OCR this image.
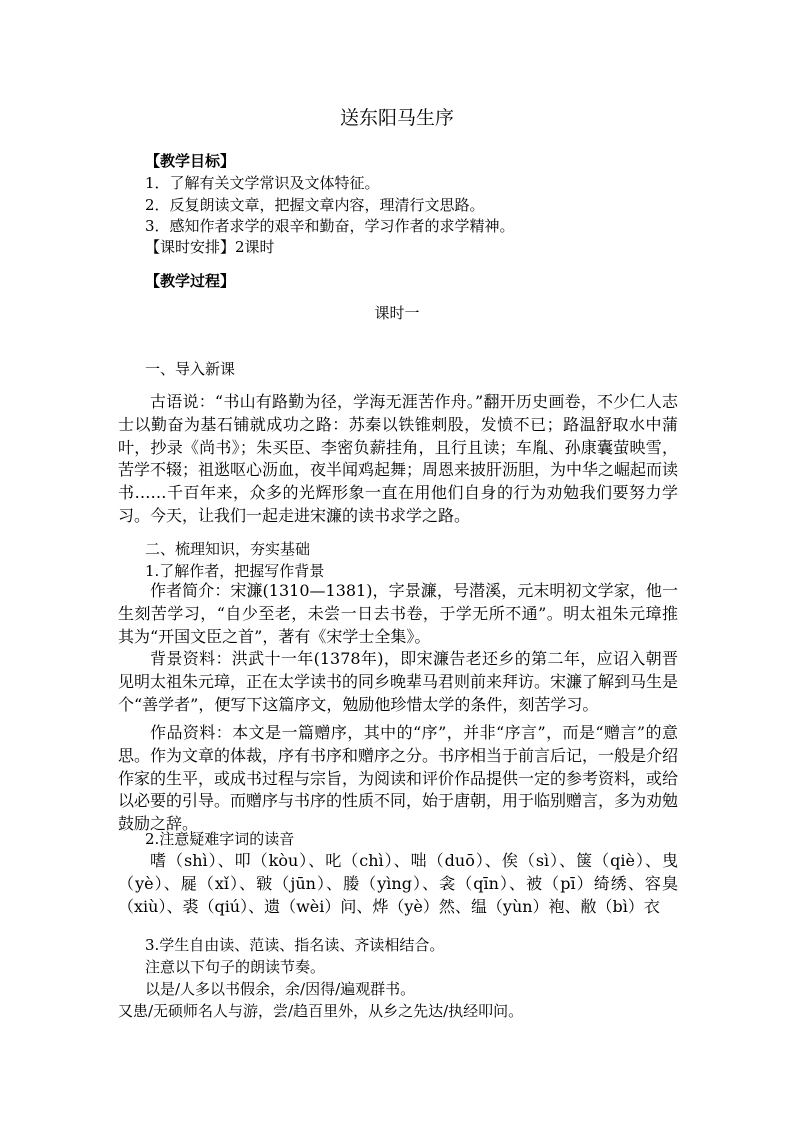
送东阳马生序
【教学目标】
1．了解有关文学常识及文体特征。
2．反复朗读文章，把握文章内容，理清行文思路。
3．感知作者求学的艰辛和勤奋，学习作者的求学精神。
【课时安排】2课时
【教学过程】
课时一
一、导入新课
古语说：“书山有路勤为径，学海无涯苦作舟。”翻开历史画卷，不少仁人志士以勤奋为基石铺就成功之路：苏秦以铁锥刺股，发愤不已；路温舒取水中蒲叶，抄录《尚书》；朱买臣、李密负薪挂角，且行且读；车胤、孙康囊萤映雪，苦学不辍；祖逖呕心沥血，夜半闻鸡起舞；周恩来披肝沥胆，为中华之崛起而读书……千百年来，众多的光辉形象一直在用他们自身的行为劝勉我们要努力学习。今天，让我们一起走进宋濂的读书求学之路。
二、梳理知识，夯实基础
1.了解作者，把握写作背景
作者简介：宋濂(1310—1381)，字景濂，号潜溪，元末明初文学家，他一生刻苦学习，“自少至老，未尝一日去书卷，于学无所不通”。明太祖朱元璋推其为“开国文臣之首”，著有《宋学士全集》。
背景资料：洪武十一年(1378年)，即宋濂告老还乡的第二年，应诏入朝晋见明太祖朱元璋，正在太学读书的同乡晚辈马君则前来拜访。宋濂了解到马生是个“善学者”，便写下这篇序文，勉励他珍惜太学的条件，刻苦学习。
作品资料：本文是一篇赠序，其中的“序”，并非“序言”，而是“赠言”的意思。作为文章的体裁，序有书序和赠序之分。书序相当于前言后记，一般是介绍作家的生平，或成书过程与宗旨，为阅读和评价作品提供一定的参考资料，或给以必要的引导。而赠序与书序的性质不同，始于唐朝，用于临别赠言，多为劝勉鼓励之辞。
2.注意疑难字词的读音
嗜（shì）、叩（kòu）、叱（chì）、咄（duō）、俟（sì）、箧（qiè）、曳（yè）、屣（xǐ）、皲（jūn）、媵（yìng）、衾（qīn）、被（pī）绮绣、容臭（xiù）、裘（qiú）、遗（wèi）问、烨（yè）然、缊（yùn）袍、敝（bì）衣
3.学生自由读、范读、指名读、齐读相结合。
注意以下句子的朗读节奏。
以是/人多以书假余，余/因得/遍观群书。
又患/无硕师名人与游，尝/趋百里外，从乡之先达/执经叩问。
